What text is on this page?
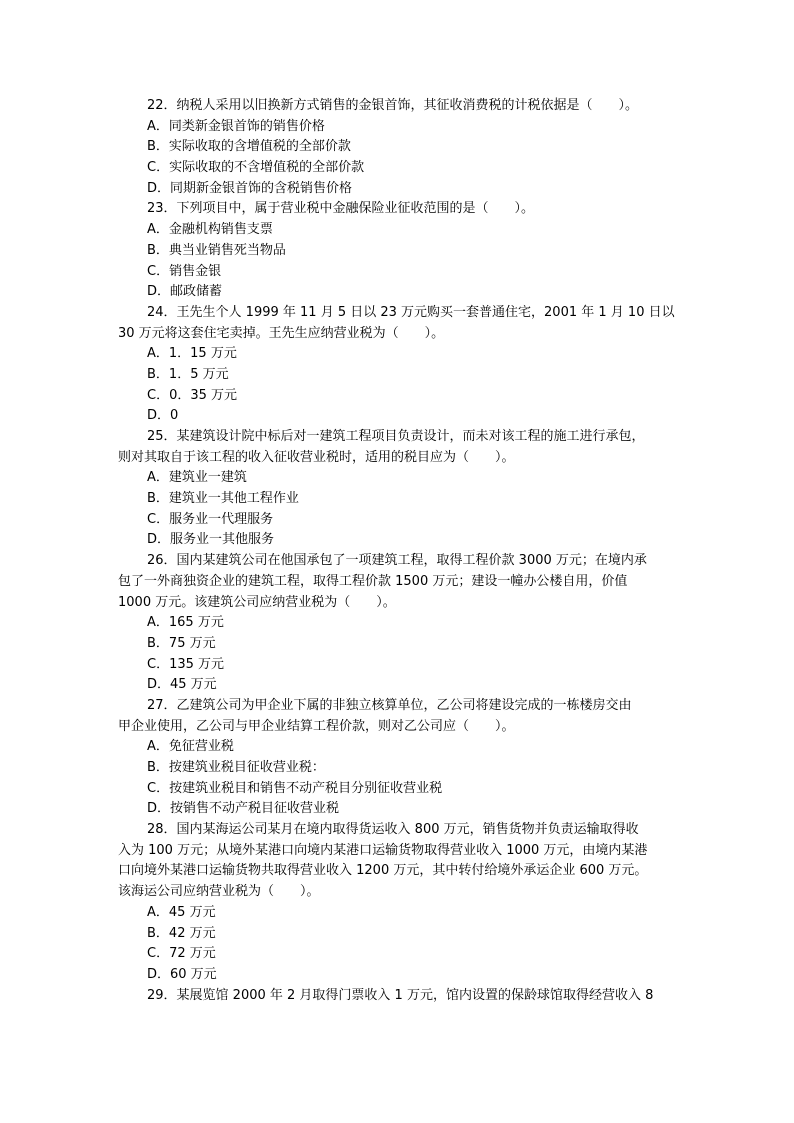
22．纳税人采用以旧换新方式销售的金银首饰，其征收消费税的计税依据是（　　）。
A．同类新金银首饰的销售价格
B．实际收取的含增值税的全部价款
C．实际收取的不含增值税的全部价款
D．同期新金银首饰的含税销售价格
23．下列项目中，属于营业税中金融保险业征收范围的是（　　）。
A．金融机构销售支票
B．典当业销售死当物品
C．销售金银
D．邮政储蓄
24．王先生个人 1999 年 11 月 5 日以 23 万元购买一套普通住宅，2001 年 1 月 10 日以
30 万元将这套住宅卖掉。王先生应纳营业税为（　　）。
A．1．15 万元
B．1．5 万元
C．0．35 万元
D．0
25．某建筑设计院中标后对一建筑工程项目负责设计，而未对该工程的施工进行承包，
则对其取自于该工程的收入征收营业税时，适用的税目应为（　　）。
A．建筑业一建筑
B．建筑业一其他工程作业
C．服务业一代理服务
D．服务业一其他服务
26．国内某建筑公司在他国承包了一项建筑工程，取得工程价款 3000 万元；在境内承
包了一外商独资企业的建筑工程，取得工程价款 1500 万元；建设一幢办公楼自用，价值
1000 万元。该建筑公司应纳营业税为（　　）。
A．165 万元
B．75 万元
C．135 万元
D．45 万元
27．乙建筑公司为甲企业下属的非独立核算单位，乙公司将建设完成的一栋楼房交由
甲企业使用，乙公司与甲企业结算工程价款，则对乙公司应（　　）。
A．免征营业税
B．按建筑业税目征收营业税：
C．按建筑业税目和销售不动产税目分别征收营业税
D．按销售不动产税目征收营业税
28．国内某海运公司某月在境内取得货运收入 800 万元，销售货物并负责运输取得收
入为 100 万元；从境外某港口向境内某港口运输货物取得营业收入 1000 万元，由境内某港
口向境外某港口运输货物共取得营业收入 1200 万元，其中转付给境外承运企业 600 万元。
该海运公司应纳营业税为（　　）。
A．45 万元
B．42 万元
C．72 万元
D．60 万元
29．某展览馆 2000 年 2 月取得门票收入 1 万元，馆内设置的保龄球馆取得经营收入 8
